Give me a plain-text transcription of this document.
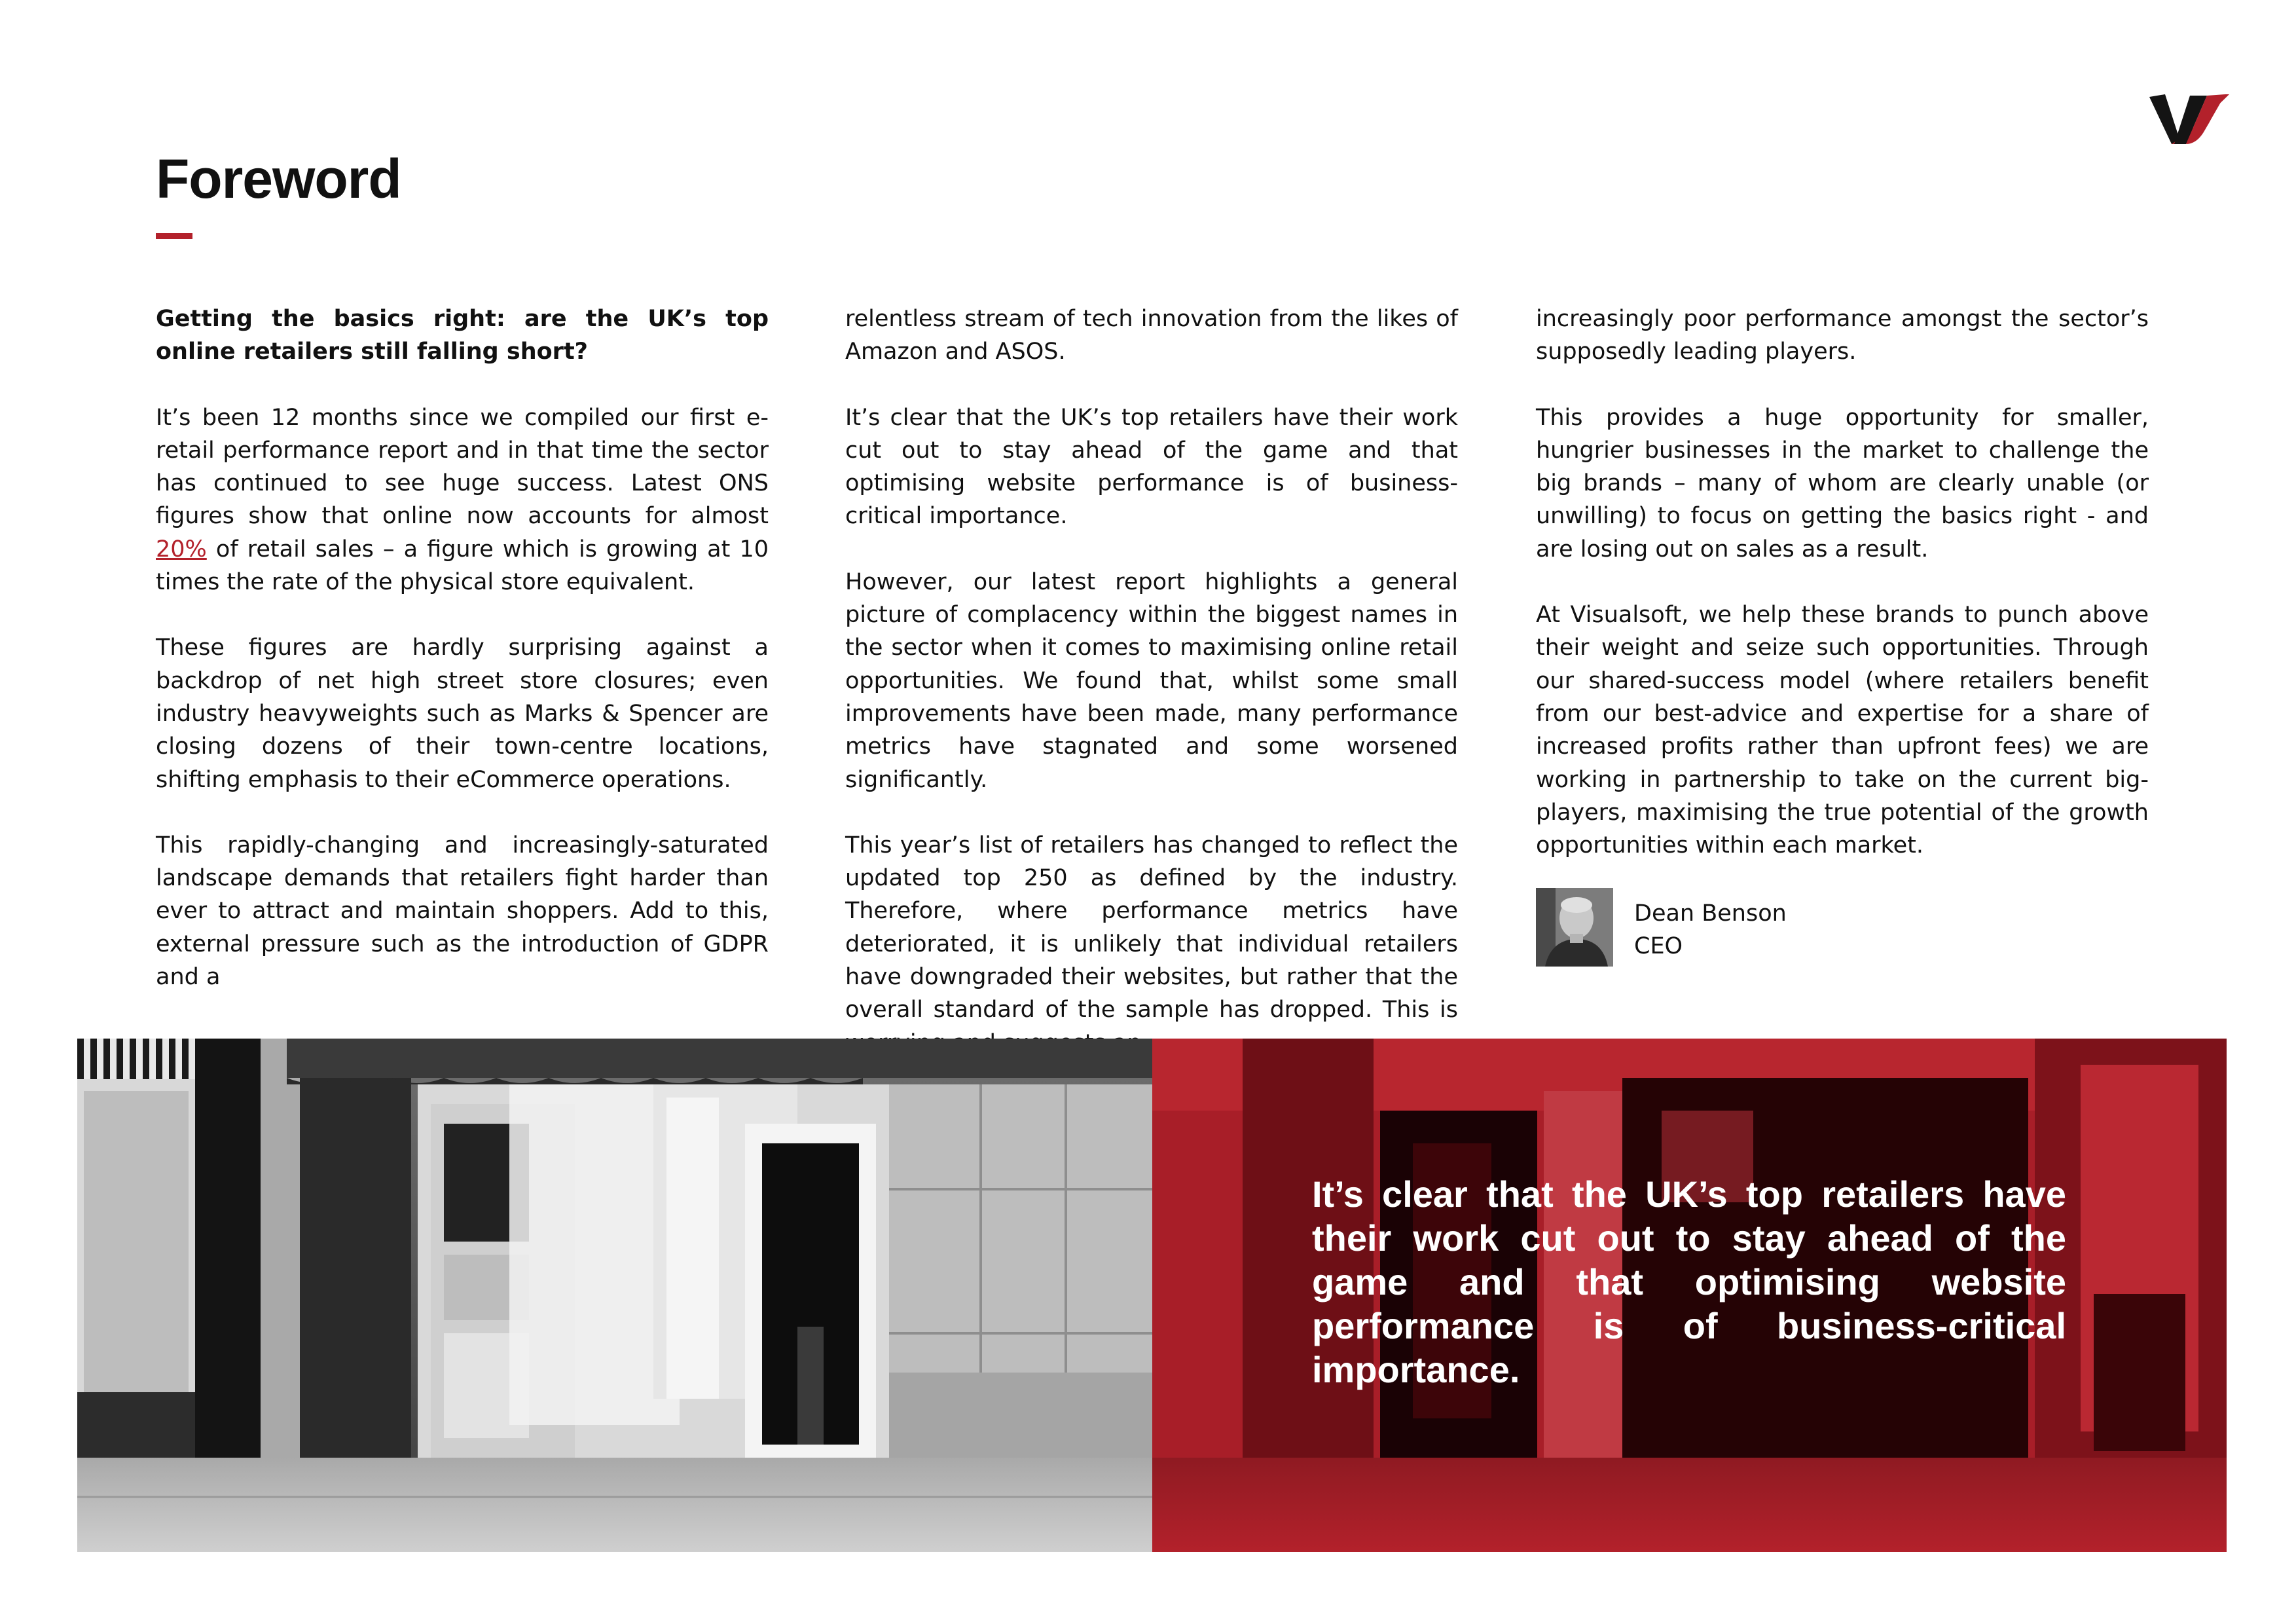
Foreword

Getting the basics right: are the UK’s top online retailers still falling short?

It’s been 12 months since we compiled our first e-retail performance report and in that time the sector has continued to see huge success. Latest ONS figures show that online now accounts for almost 20% of retail sales – a figure which is growing at 10 times the rate of the physical store equivalent.

These figures are hardly surprising against a backdrop of net high street store closures; even industry heavyweights such as Marks & Spencer are closing dozens of their town-centre locations, shifting emphasis to their eCommerce operations.

This rapidly-changing and increasingly-saturated landscape demands that retailers fight harder than ever to attract and maintain shoppers. Add to this, external pressure such as the introduction of GDPR and a

relentless stream of tech innovation from the likes of Amazon and ASOS.

It’s clear that the UK’s top retailers have their work cut out to stay ahead of the game and that optimising website performance is of business-critical importance.

However, our latest report highlights a general picture of complacency within the biggest names in the sector when it comes to maximising online retail opportunities. We found that, whilst some small improvements have been made, many performance metrics have stagnated and some worsened significantly.

This year’s list of retailers has changed to reflect the updated top 250 as defined by the industry. Therefore, where performance metrics have deteriorated, it is unlikely that individual retailers have downgraded their websites, but rather that the overall standard of the sample has dropped. This is

increasingly poor performance amongst the sector’s supposedly leading players.

This provides a huge opportunity for smaller, hungrier businesses in the market to challenge the big brands – many of whom are clearly unable (or unwilling) to focus on getting the basics right - and are losing out on sales as a result.

At Visualsoft, we help these brands to punch above their weight and seize such opportunities. Through our shared-success model (where retailers benefit from our best-advice and expertise for a share of increased profits rather than upfront fees) we are working in partnership to take on the current big-players, maximising the true potential of the growth opportunities within each market.

Dean Benson
CEO

It’s clear that the UK’s top retailers have their work cut out to stay ahead of the game and that optimising website performance is of business-critical importance.
